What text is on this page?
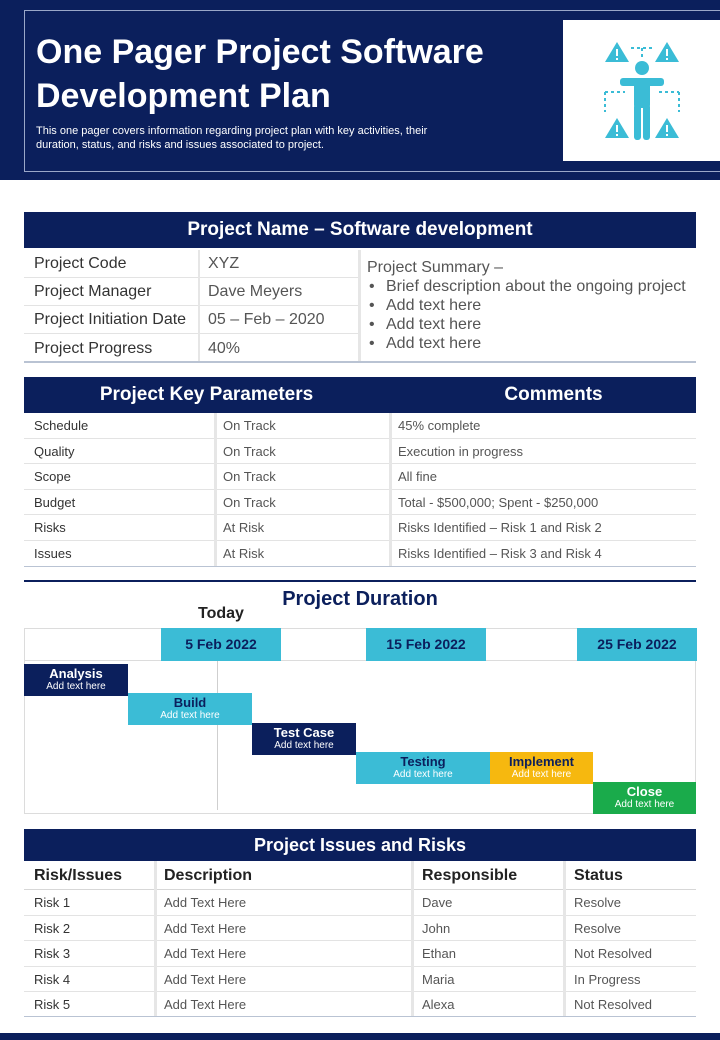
One Pager Project Software Development Plan
This one pager covers information regarding project plan with key activities, their duration, status, and risks and issues associated to project.
Project Name – Software development
Project Code	XYZ
Project Manager	Dave Meyers
Project Initiation Date 05 – Feb – 2020
Project Progress	40%
Project Summary –
• Brief description about the ongoing project
• Add text here
• Add text here
• Add text here
Project Key Parameters	Comments
Schedule	On Track	45% complete
Quality	On Track	Execution in progress
Scope	On Track	All fine
Budget	On Track	Total - $500,000; Spent - $250,000
Risks	At Risk	Risks Identified – Risk 1 and Risk 2
Issues	At Risk	Risks Identified – Risk 3 and Risk 4
Project Duration
Today
5 Feb 2022	15 Feb 2022	25 Feb 2022
Analysis
Add text here
Build
Add text here
Test Case
Add text here
Testing
Add text here
Implement
Add text here
Close
Add text here
Project Issues and Risks
Risk/Issues	Description	Responsible	Status
Risk 1	Add Text Here	Dave	Resolve
Risk 2	Add Text Here	John	Resolve
Risk 3	Add Text Here	Ethan	Not Resolved
Risk 4	Add Text Here	Maria	In Progress
Risk 5	Add Text Here	Alexa	Not Resolved
